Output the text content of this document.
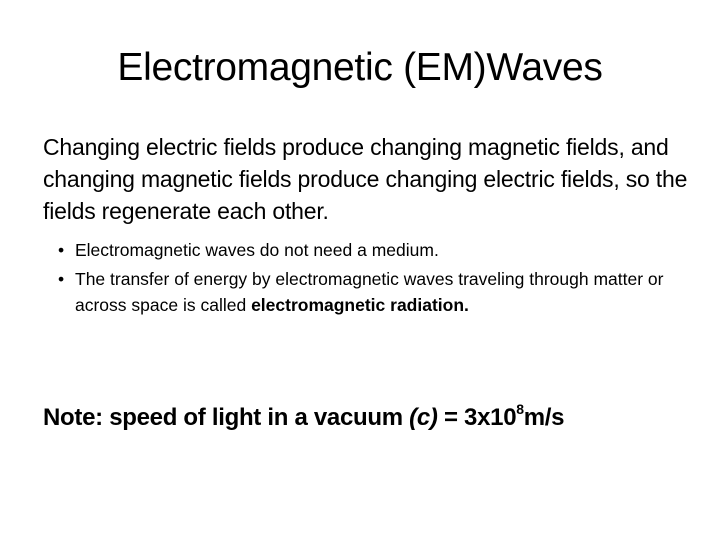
Electromagnetic (EM)Waves
Changing electric fields produce changing magnetic fields, and changing magnetic fields produce changing electric fields, so the fields regenerate each other.
• Electromagnetic waves do not need a medium.
• The transfer of energy by electromagnetic waves traveling through matter or across space is called electromagnetic radiation.
Note: speed of light in a vacuum $(c) = 3x10^8m/s$
